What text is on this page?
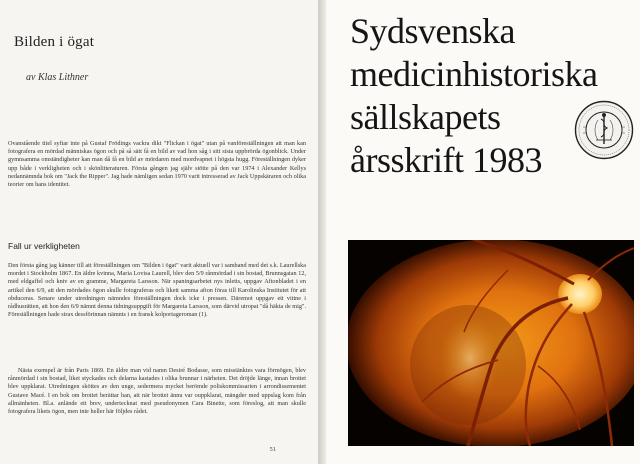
Bilden i ögat
av Klas Lithner
Ovanstående titel syftar inte på Gustaf Frödings vackra dikt "Flickan i ögat" utan på vanföreställningen att man kan fotografera en mördad människas ögon och på så sätt få en bild av vad hon såg i sitt sista uppbrörda ögonblick. Under gymnsamma omständigheter kan man då få en bild av mördaren med mordvapnet i högsta hugg. Föreställningen dyker upp både i verkligheten och i skönlitteraturen. Första gången jag själv stötte på den var 1974 i Alexander Kellys nedannämnda bok om "Jack the Ripper". Jag hade nämligen sedan 1970 varit intresserad av Jack Uppskäraren och olika teorier om hans identitet.
Fall ur verkligheten
Den första gång jag känner till att föreställningen om "Bilden i ögat" varit aktuell var i samband med det s.k. Laurellska mordet i Stockholm 1867. En äldre kvinna, Maria Lovisa Laurell, blev den 5/9 rånmördad i sin bostad, Brunnsgatan 12, med eldgaffel och kniv av en gramme, Margareta Larsson. När spaningsarbetet nys inletts, uppgav Aftonbladet i en artikel den 6/9, att den mördades ögon skulle fotograferas och likett samma afton föras till Karolinska Institutet för att obduceras. Senare under utredningen nämndes föreställningen dock icke i pressen. Däremot uppgav ett vittne i rådhusrätten, att hon den 6/9 nämnt denna tidningsuppgift för Margareta Larsson, som därvid utropat "då häkta de mig". Föreställningen hade strax dessförinnan nämnts i en fransk kolportageroman (1).
Nästa exempel är från Paris 1869. En äldre man vid namn Desiré Bodasse, som misstänktes vara förmögen, blev rånmördad i sin bostad, liket styckades och delarna kastades i olika brunnar i närheten. Det dröjde länge, innan brottet blev uppklarat. Utredningen sköttes av den unge, sedermera mycket berömde poliskommissarien i arrondissementet Gustave Macé. I en bok om brottet berättar han, att när brottet ännu var ouppklarat, mängder med uppslag kom från allmänheten. Bl.a. anlände ett brev, undertecknat med pseudonymen Cara Binette, som föreslog, att man skulle fotografera likets ögon, men inte heller här följdes rådet.
51
Sydsvenska
medicinhistoriska
sällskapets
årsskrift 1983
